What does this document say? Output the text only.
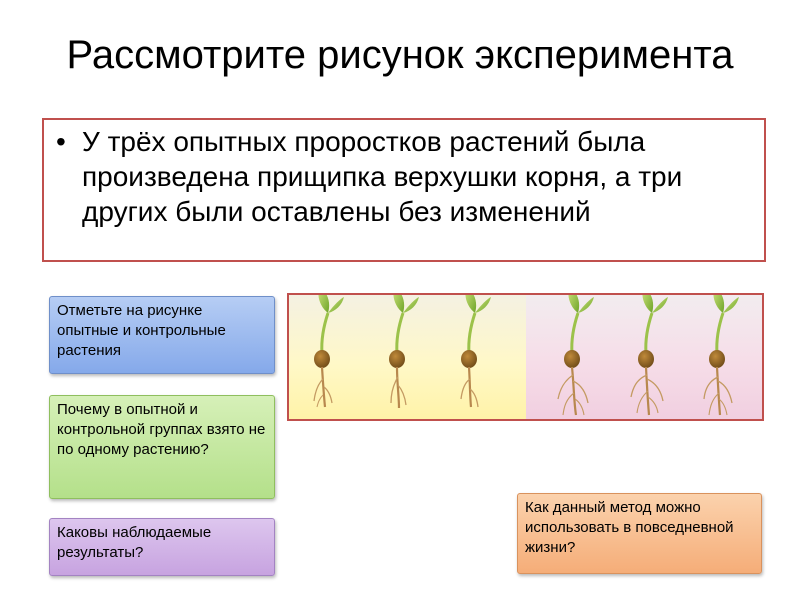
Рассмотрите рисунок эксперимента
• У трёх опытных проростков растений была произведена прищипка верхушки корня, а три других были оставлены без изменений
Отметьте на рисунке опытные и контрольные растения
Почему в опытной и контрольной группах взято не по одному растению?
Каковы наблюдаемые результаты?
Как данный метод можно использовать в повседневной жизни?
